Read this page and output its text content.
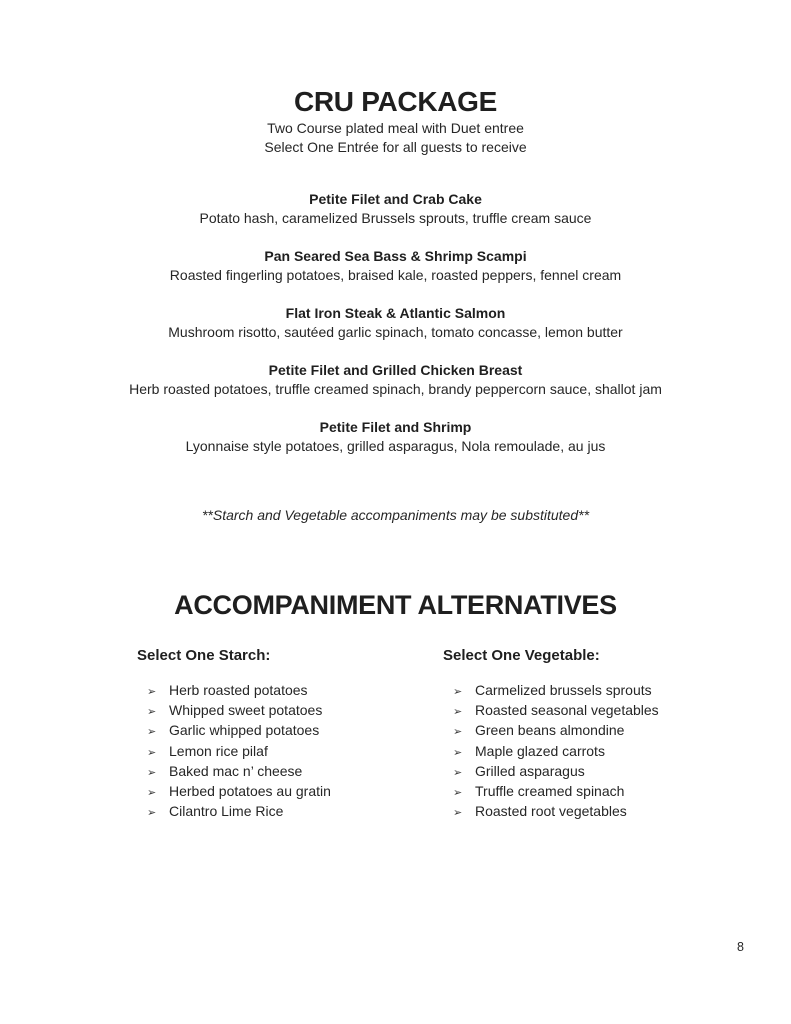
CRU PACKAGE
Two Course plated meal with Duet entree
Select One Entrée for all guests to receive
Petite Filet and Crab Cake
Potato hash, caramelized Brussels sprouts, truffle cream sauce
Pan Seared Sea Bass & Shrimp Scampi
Roasted fingerling potatoes, braised kale, roasted peppers, fennel cream
Flat Iron Steak & Atlantic Salmon
Mushroom risotto, sautéed garlic spinach, tomato concasse, lemon butter
Petite Filet and Grilled Chicken Breast
Herb roasted potatoes, truffle creamed spinach, brandy peppercorn sauce, shallot jam
Petite Filet and Shrimp
Lyonnaise style potatoes, grilled asparagus, Nola remoulade, au jus
**Starch and Vegetable accompaniments may be substituted**
ACCOMPANIMENT ALTERNATIVES
Select One Starch:
➢ Herb roasted potatoes
➢ Whipped sweet potatoes
➢ Garlic whipped potatoes
➢ Lemon rice pilaf
➢ Baked mac n’ cheese
➢ Herbed potatoes au gratin
➢ Cilantro Lime Rice
Select One Vegetable:
➢ Carmelized brussels sprouts
➢ Roasted seasonal vegetables
➢ Green beans almondine
➢ Maple glazed carrots
➢ Grilled asparagus
➢ Truffle creamed spinach
➢ Roasted root vegetables
8
